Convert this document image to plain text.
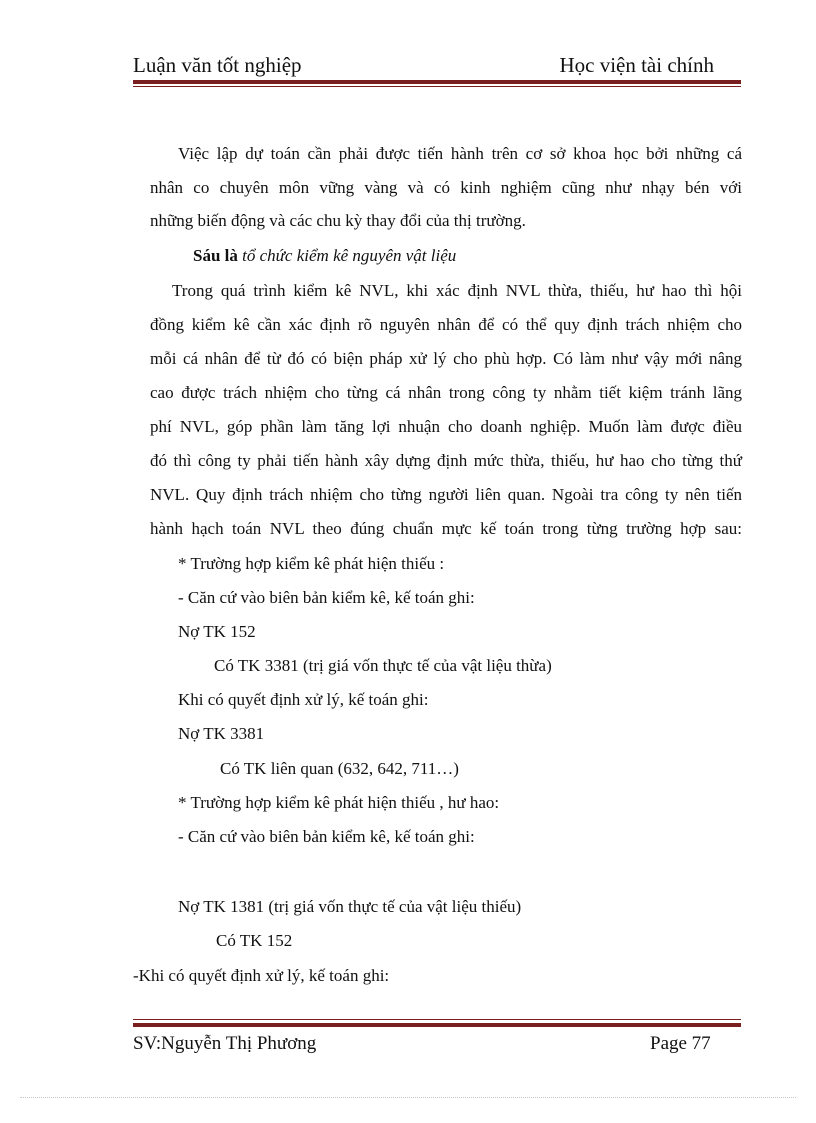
Luận văn tốt nghiệp	Học viện tài chính
Việc lập dự toán cần phải được tiến hành trên cơ sở khoa học bởi những cá
nhân co chuyên môn vững vàng và có kinh nghiệm cũng như nhạy bén với
những biến động và các chu kỳ thay đổi của thị trường.
Sáu là tổ chức kiểm kê nguyên vật liệu
Trong quá trình kiểm kê NVL, khi xác định NVL thừa, thiếu, hư hao thì hội
đồng kiểm kê cần xác định rõ nguyên nhân để có thể quy định trách nhiệm cho
mỗi cá nhân để từ đó có biện pháp xử lý cho phù hợp. Có làm như vậy mới nâng
cao được trách nhiệm cho từng cá nhân trong công ty nhằm tiết kiệm tránh lãng
phí NVL, góp phần làm tăng lợi nhuận cho doanh nghiệp. Muốn làm được điều
đó thì công ty phải tiến hành xây dựng định mức thừa, thiếu, hư hao cho từng thứ
NVL. Quy định trách nhiệm cho từng người liên quan. Ngoài tra công ty nên tiến
hành hạch toán NVL theo đúng chuẩn mực kế toán trong từng trường hợp sau:
* Trường hợp kiểm kê phát hiện thiếu :
- Căn cứ vào biên bản kiểm kê, kế toán ghi:
Nợ TK 152
Có TK 3381 (trị giá vốn thực tế của vật liệu thừa)
Khi có quyết định xử lý, kế toán ghi:
Nợ TK 3381
Có TK liên quan (632, 642, 711…)
* Trường hợp kiểm kê phát hiện thiếu , hư hao:
- Căn cứ vào biên bản kiểm kê, kế toán ghi:
Nợ TK 1381 (trị giá vốn thực tế của vật liệu thiếu)
Có TK 152
-Khi có quyết định xử lý, kế toán ghi:
SV:Nguyễn Thị Phương	Page 77
